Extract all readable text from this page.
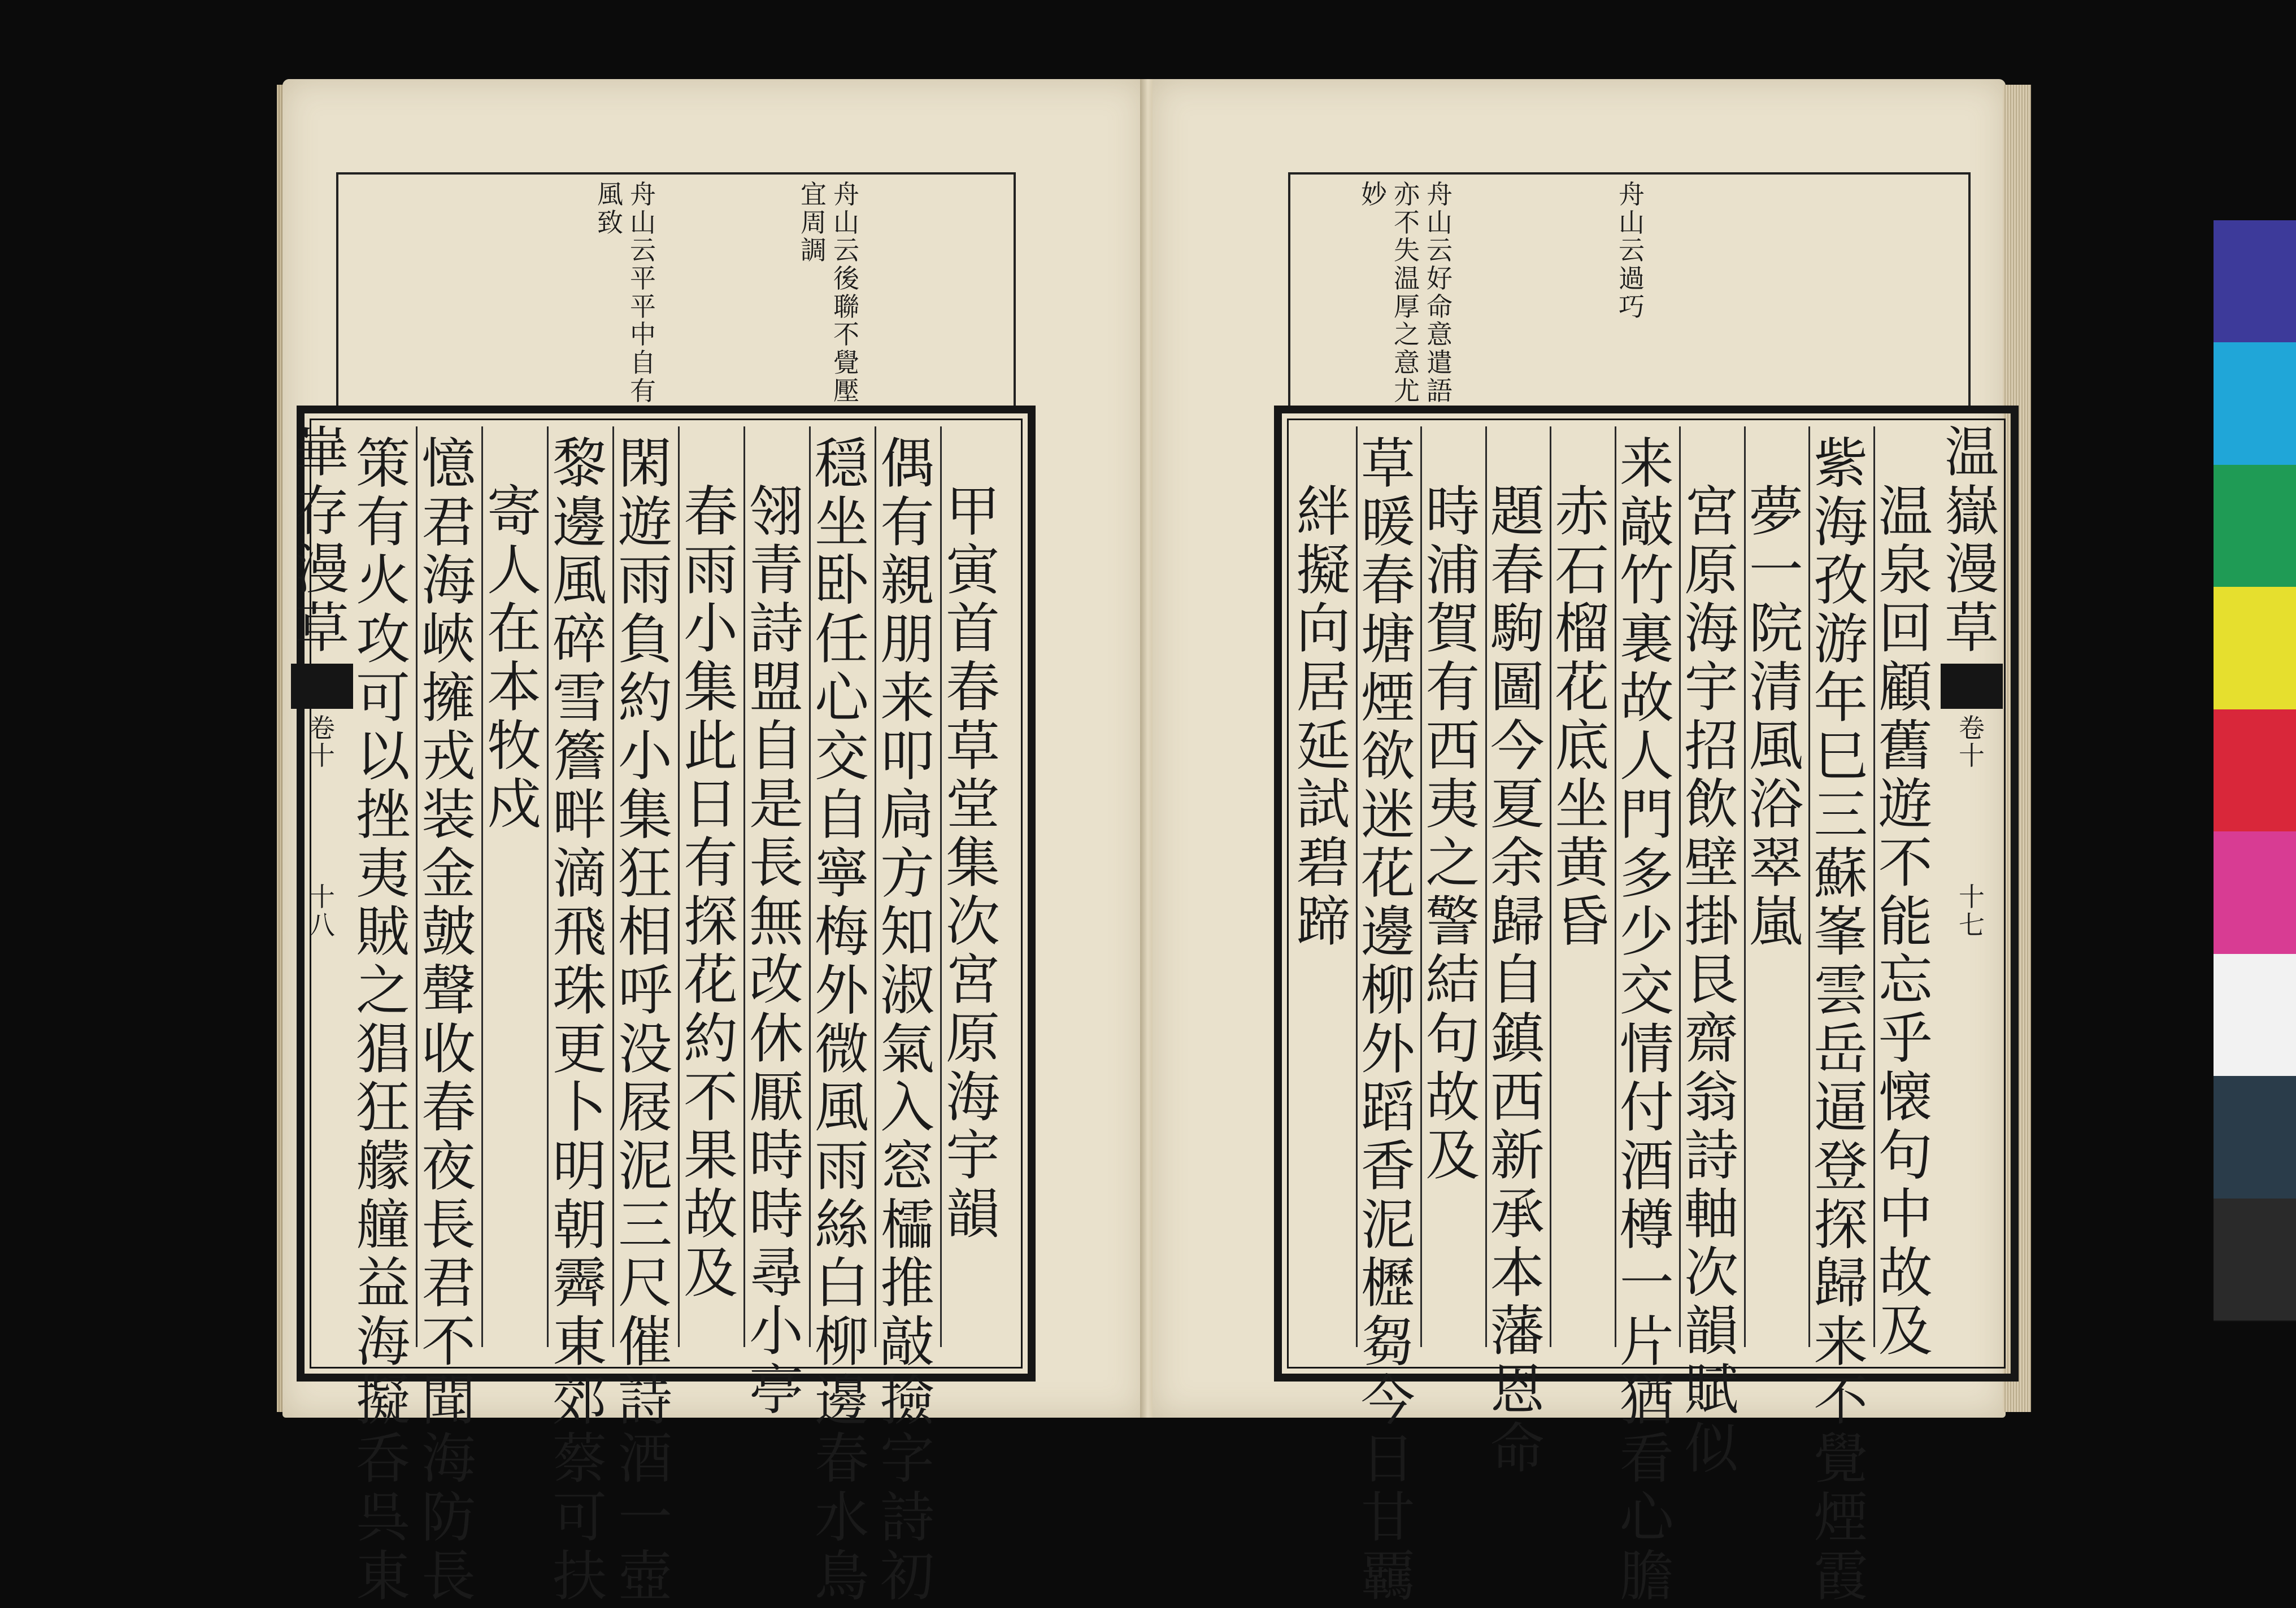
舟
山
云
後
聯
不
覺
壓
宜
周
調
舟
山
云
平
平
中
自
有
風
致
崋
存
漫
草
卷
十
十
八
甲
寅
首
春
草
堂
集
次
宮
原
海
宇
韻
偶
有
親
朋
来
叩
扃
方
知
淑
氣
入
窓
櫺
推
敲
撿
字
詩
初
穏
坐
卧
任
心
交
自
寧
梅
外
微
風
雨
絲
白
柳
邊
春
水
鳥
翎
青
詩
盟
自
是
長
無
改
休
厭
時
時
尋
小
亭
春
雨
小
集
此
日
有
探
花
約
不
果
故
及
閑
遊
雨
負
約
小
集
狂
相
呼
没
屐
泥
三
尺
催
詩
酒
一
壺
黎
邊
風
碎
雪
簷
畔
滴
飛
珠
更
卜
明
朝
霽
東
郊
蔡
可
扶
寄
人
在
本
牧
戍
憶
君
海
峽
擁
戎
装
金
皷
聲
收
春
夜
長
君
不
聞
海
防
長
策
有
火
攻
可
以
挫
夷
賊
之
猖
狂
艨
艟
益
海
擬
呑
呉
東
舟
山
云
過
巧
舟
山
云
好
命
意
遣
語
亦
不
失
温
厚
之
意
尤
妙
温
嶽
漫
草
卷
十
十
七
温
泉
回
顧
舊
遊
不
能
忘
乎
懐
句
中
故
及
紫
海
孜
游
年
巳
三
蘇
峯
雲
岳
逼
登
探
歸
来
不
覺
煙
霞
夢
一
院
清
風
浴
翠
嵐
宮
原
海
宇
招
飲
壁
掛
艮
齋
翁
詩
軸
次
韻
賦
似
来
敲
竹
裏
故
人
門
多
少
交
情
付
酒
樽
一
片
猶
看
心
膽
赤
石
榴
花
底
坐
黄
昏
題
春
駒
圖
今
夏
余
歸
自
鎮
西
新
承
本
藩
恩
命
時
浦
賀
有
西
夷
之
警
結
句
故
及
草
暖
春
塘
煙
欲
迷
花
邊
柳
外
蹈
香
泥
櫪
芻
今
日
甘
覊
絆
擬
向
居
延
試
碧
蹄
